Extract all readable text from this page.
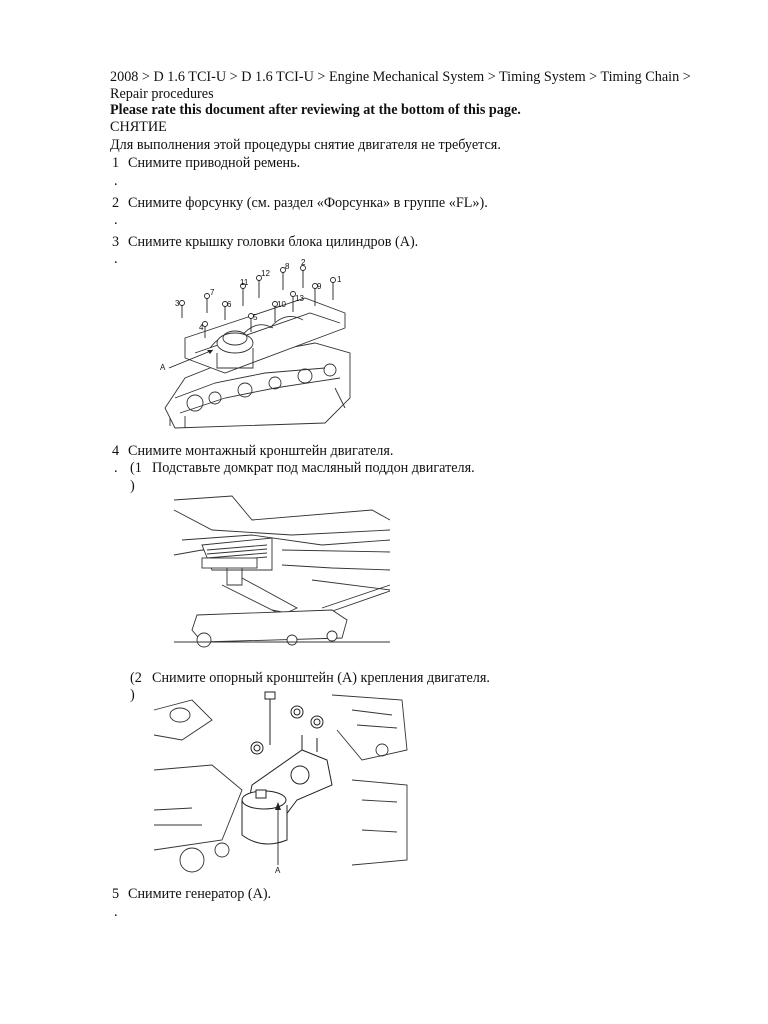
2008 > D 1.6 TCI-U > D 1.6 TCI-U > Engine Mechanical System > Timing System > Timing Chain > Repair procedures
Please rate this document after reviewing at the bottom of this page.
СНЯТИЕ
Для выполнения этой процедуры снятие двигателя не требуется.
1 Снимите приводной ремень.
.
2 Снимите форсунку (см. раздел «Форсунка» в группе «FL»).
.
3 Снимите крышку головки блока цилиндров (A).
.
3
7
6
11
12
8 2
1
9
10
5
13
4
A
4 Снимите монтажный кронштейн двигателя.
. (1 Подставьте домкрат под масляный поддон двигателя.
)
(2 Снимите опорный кронштейн (A) крепления двигателя.
)
A
5 Снимите генератор (A).
.
